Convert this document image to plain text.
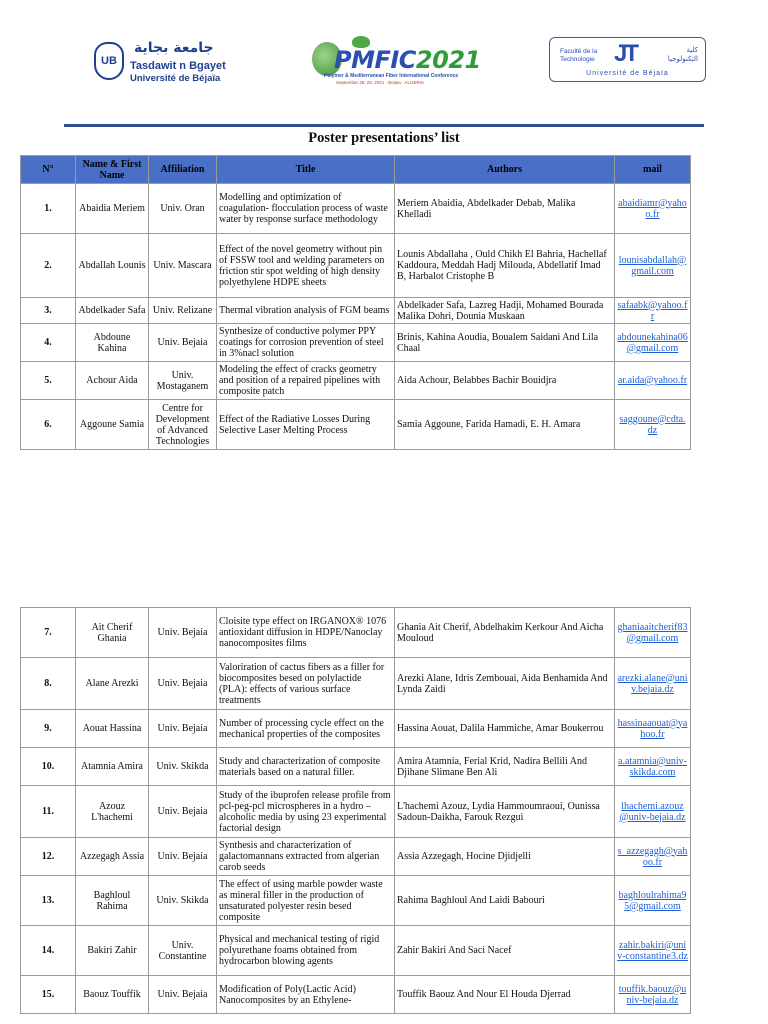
UB
جامعة بجاية
Tasdawit n Bgayet
Université de Béjaïa
PMFIC2021
Polymer & Mediterranean Fiber International Conference
September 28, 29, 2021 · Bejaia · ALGERIA
Faculté de la Technologie JT	كلية التكنولوجيا
Université de Béjaïa
Poster presentations’ list
N°	Name & First Name	Affiliation	Title	Authors	mail
1.	Abaidia Meriem	Univ. Oran	Modelling and optimization of coagulation- flocculation process of waste water by response surface methodology	Meriem Abaidia, Abdelkader Debab, Malika Khelladi	abaidiamr@yahoo.fr
2.	Abdallah Lounis	Univ. Mascara	Effect of the novel geometry without pin of FSSW tool and welding parameters on friction stir spot welding of high density polyethylene HDPE sheets	Lounis Abdallaha , Ould Chikh El Bahria, Hachellaf Kaddoura, Meddah Hadj Milouda, Abdellatif Imad B, Harbalot Cristophe B	lounisabdallah@gmail.com
3.	Abdelkader Safa	Univ. Relizane	Thermal vibration analysis of FGM beams	Abdelkader Safa, Lazreg Hadji, Mohamed Bourada Malika Dohri, Dounia Muskaan	safaabk@yahoo.fr
4.	Abdoune Kahina	Univ. Bejaia	Synthesize of conductive polymer PPY coatings for corrosion prevention of steel in 3%nacl solution	Brinis, Kahina Aoudia, Boualem Saidani And Lila Chaal	abdounekahina06@gmail.com
5.	Achour Aida	Univ. Mostaganem	Modeling the effect of cracks geometry and position of a repaired pipelines with composite patch	Aida Achour, Belabbes Bachir Bouidjra	ar.aida@yahoo.fr
6.	Aggoune Samia	Centre for Development of Advanced Technologies	Effect of the Radiative Losses During Selective Laser Melting Process	Samia Aggoune, Farida Hamadi, E. H. Amara	saggoune@cdta.dz
7.	Ait Cherif Ghania	Univ. Bejaia	Cloisite type effect on IRGANOX® 1076 antioxidant diffusion in HDPE/Nanoclay nanocomposites films	Ghania Ait Cherif, Abdelhakim Kerkour And Aicha Mouloud	ghaniaaitcherif83@gmail.com
8.	Alane Arezki	Univ. Bejaia	Valoriration of cactus fibers as a filler for biocomposites besed on polylactide (PLA): effects of various surface treatments	Arezki Alane, Idris Zembouai, Aida Benhamida And Lynda Zaidi	arezki.alane@univ.bejaia.dz
9.	Aouat Hassina	Univ. Bejaia	Number of processing cycle effect on the mechanical properties of the composites	Hassina Aouat, Dalila Hammiche, Amar Boukerrou	hassinaaouat@yahoo.fr
10.	Atamnia Amira	Univ. Skikda	Study and characterization of composite materials based on a natural filler.	Amira Atamnia, Ferial Krid, Nadira Bellili And Djihane Slimane Ben Ali	a.atamnia@univ-skikda.com
11.	Azouz L'hachemi	Univ. Bejaia	Study of the ibuprofen release profile from pcl-peg-pcl microspheres in a hydro – alcoholic media by using 23 experimental factorial design	L'hachemi Azouz, Lydia Hammoumraoui, Ounissa Sadoun-Daikha, Farouk Rezgui	lhachemi.azouz@univ-bejaia.dz
12.	Azzegagh Assia	Univ. Bejaia	Synthesis and characterization of galactomannans extracted from algerian carob seeds	Assia Azzegagh, Hocine Djidjelli	s_azzegagh@yahoo.fr
13.	Baghloul Rahima	Univ. Skikda	The effect of using marble powder waste as mineral filler in the production of unsaturated polyester resin besed composite	Rahima Baghloul And Laidi Babouri	baghloulrahima95@gmail.com
14.	Bakiri Zahir	Univ. Constantine	Physical and mechanical testing of rigid polyurethane foams obtained from hydrocarbon blowing agents	Zahir Bakiri And Saci Nacef	zahir.bakiri@univ-constantine3.dz
15.	Baouz Touffik	Univ. Bejaia	Modification of Poly(Lactic Acid) Nanocomposites by an Ethylene-	Touffik Baouz And Nour El Houda Djerrad	touffik.baouz@univ-bejaia.dz
